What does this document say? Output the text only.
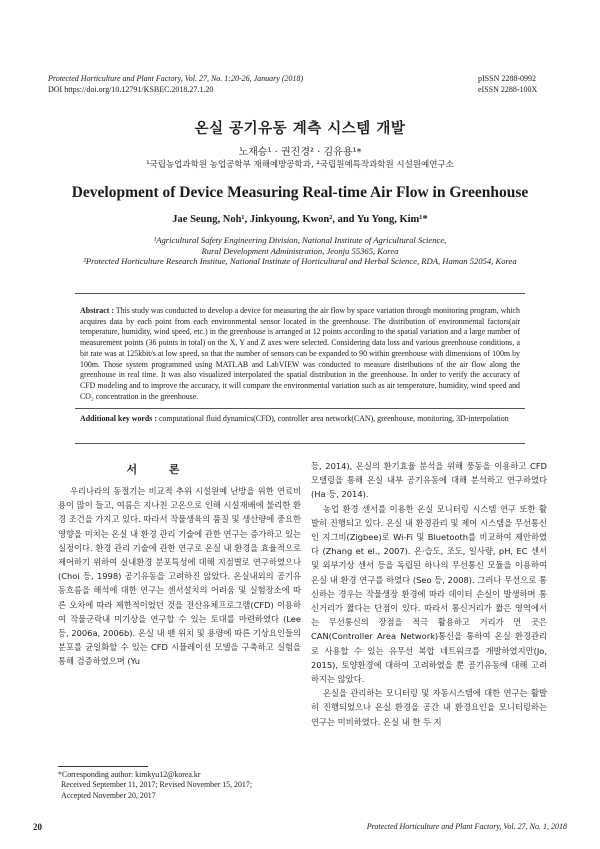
Protected Horticulture and Plant Factory, Vol. 27, No. 1:20-26, January (2018)
DOI https://doi.org/10.12791/KSBEC.2018.27.1.20
pISSN 2288-0992
eISSN 2288-100X
온실 공기유동 계측 시스템 개발
노재승¹ · 권진경² · 김유용¹*
¹국립농업과학원 농업공학부 재해예방공학과, ²국립원예특작과학원 시설원예연구소
Development of Device Measuring Real-time Air Flow in Greenhouse
Jae Seung, Noh¹, Jinkyoung, Kwon², and Yu Yong, Kim¹*
¹Agricultural Safety Engineering Division, National Institute of Agricultural Science,
Rural Development Administration, Jeonju 55365, Korea
²Protected Horticulture Research Institue, National Institute of Horticultural and Herbal Science, RDA, Haman 52054, Korea
Abstract : This study was conducted to develop a device for measuring the air flow by space variation through monitoring program, which acquires data by each point from each environmental sensor located in the greenhouse. The distribution of environmental factors(air temperature, humidity, wind speed, etc.) in the greenhouse is arranged at 12 points according to the spatial variation and a large number of measurement points (36 points in total) on the X, Y and Z axes were selected. Considering data loss and various greenhouse conditions, a bit rate was at 125kbit/s at low speed, so that the number of sensors can be expanded to 90 within greenhouse with dimensions of 100m by 100m. Those system programmed using MATLAB and LabVIEW was conducted to measure distributions of the air flow along the greenhouse in real time. It was also visualized interpolated the spatial distribution in the greenhouse. In order to verify the accuracy of CFD modeling and to improve the accuracy, it will compare the environmental variation such as air temperature, humidity, wind speed and CO₂ concentration in the greenhouse.
Additional key words : computational fluid dynamics(CFD), controller area network(CAN), greenhouse, monitoring, 3D-interpolation
서 론

우리나라의 동절기는 비교적 추위 시설원예 난방을 위한 연료비용이 많이 들고, 여름은 지나친 고온으로 인해 시설재배에 불리한 환경 조건을 가지고 있다. 따라서 작물생육의 품질 및 생산량에 중요한 영향을 미치는 온실 내 환경 관리 기술에 관한 연구는 증가하고 있는 실정이다. 환경 관리 기술에 관한 연구로 온실 내 환경을 효율적으로 제어하기 위하여 실내환경 분포특성에 대해 지점별로 연구하였으나 (Choi 등, 1998) 공기유동을 고려하진 않았다. 온실내외의 공기유동흐름을 해석에 대한 연구는 센서설치의 어려움 및 실험장소에 따른 오차에 따라 제한적이었던 것을 전산유체프로그램(CFD) 이용하여 작물군락내 미기상을 연구할 수 있는 토대를 마련하였다 (Lee 등, 2006a, 2006b). 온실 내 팬 위치 및 용량에 따른 기상요인들의 분포를 균일화할 수 있는 CFD 시뮬레이션 모델을 구축하고 실험을 통해 검증하였으며 (Yu

등, 2014), 온실의 환기효율 분석을 위해 풍동을 이용하고 CFD 모델링을 통해 온실 내부 공기유동에 대해 분석하고 연구하였다 (Ha 등, 2014).

농업 환경 센서를 이용한 온실 모니터링 시스템 연구 또한 활발히 진행되고 있다. 온실 내 환경관리 및 제어 시스템을 무선통신인 지그비(Zigbee)로 Wi-Fi 및 Bluetooth를 비교하여 제안하였다 (Zhang et el., 2007). 온·습도, 조도, 일사량, pH, EC 센서 및 외부기상 센서 등을 독립된 하나의 무선통신 모듈을 이용하여 온실 내 환경 연구를 하였다 (Seo 등, 2008). 그러나 무선으로 통신하는 경우는 작물생장 환경에 따라 데이터 손실이 발생하며 통신거리가 짧다는 단점이 있다. 따라서 통신거리가 짧은 영역에서는 무선통신의 장점을 적극 활용하고 거리가 먼 곳은 CAN(Controller Area Network)통신을 통하여 온실 환경관리로 사용할 수 있는 유무선 복합 네트워크를 개발하였지만(Jo, 2015), 토양환경에 대하여 고려하였을 뿐 공기유동에 대해 고려하지는 않았다.

온실을 관리하는 모니터링 및 자동시스템에 대한 연구는 활발히 진행되었으나 온실 환경을 공간 내 환경요인을 모니터링하는 연구는 미비하였다. 온실 내 한 두 지

*Corresponding author: kimkyu12@korea.kr
Received September 11, 2017; Revised November 15, 2017;
Accepted November 20, 2017
20	Protected Horticulture and Plant Factory, Vol. 27, No. 1, 2018
